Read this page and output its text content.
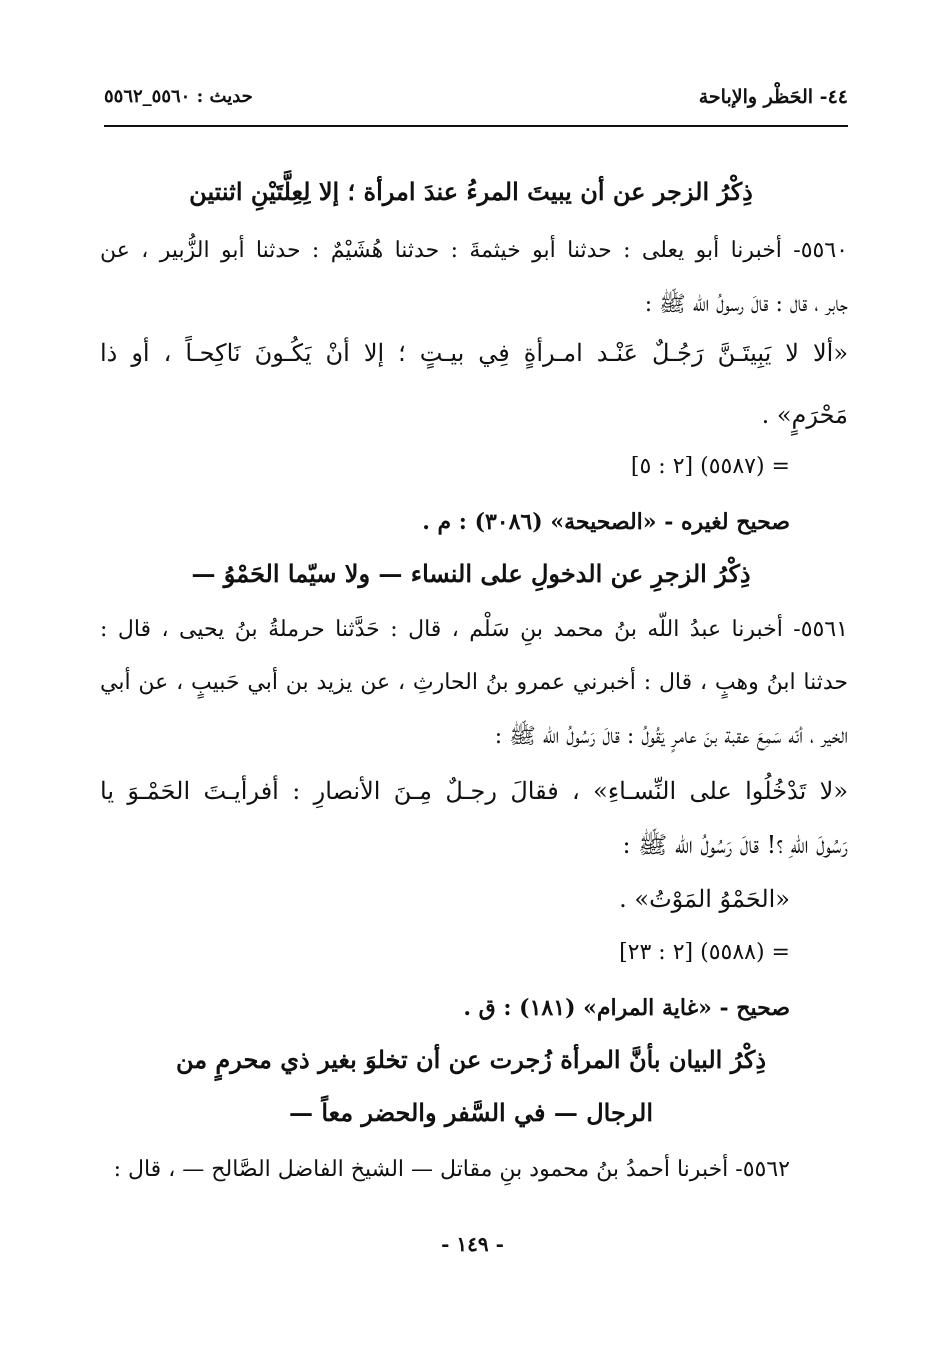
٤٤- الحَظْر والإباحة
حديث : ٥٥٦٠_٥٥٦٢
ذِكْرُ الزجر عن أن يبيتَ المرءُ عندَ امرأة ؛ إلا لِعِلَّتَيْنِ اثنتين
٥٥٦٠- أخبرنا أبو يعلى : حدثنا أبو خيثمةَ : حدثنا هُشَيْمٌ : حدثنا أبو الزُّبير ، عن
جابر ، قال : قالَ رسولُ اللّه ﷺ :
«ألا لا يَبِيتَـنَّ رَجُـلٌ عَنْـد امـرأةٍ فِي بيـتٍ ؛ إلا أنْ يَكُـونَ نَاكِحـاً ، أو ذا
مَحْرَمٍ» .
= (٥٥٨٧) [٢ : ٥]
صحيح لغيره - «الصحيحة» (٣٠٨٦) : م .
ذِكْرُ الزجرِ عن الدخولِ على النساء — ولا سيّما الحَمْوُ —
٥٥٦١- أخبرنا عبدُ اللّه بنُ محمد بنِ سَلْم ، قال : حَدَّثنا حرملةُ بنُ يحيى ، قال :
حدثنا ابنُ وهبٍ ، قال : أخبرني عمرو بنُ الحارثِ ، عن يزيد بن أبي حَبيبٍ ، عن أبي
الخير ، أنّه سَمِعَ عقبة بنَ عامرٍ يَقُولُ : قالَ رَسُولُ اللّه ﷺ :
«لا تَدْخُلُوا على النِّسـاءِ» ، فقالَ رجـلٌ مِـنَ الأنصارِ : أفرأيـتَ الحَمْـوَ يا
رَسُولَ اللّهِ ؟! قالَ رَسُولُ اللّه ﷺ :
«الحَمْوُ المَوْتُ» .
= (٥٥٨٨) [٢ : ٢٣]
صحيح - «غاية المرام» (١٨١) : ق .
ذِكْرُ البيان بأنَّ المرأة زُجرت عن أن تخلوَ بغير ذي محرمٍ من
الرجال — في السَّفر والحضر معاً —
٥٥٦٢- أخبرنا أحمدُ بنُ محمود بنِ مقاتل — الشيخ الفاضل الصَّالح — ، قال :
- ١٤٩ -
